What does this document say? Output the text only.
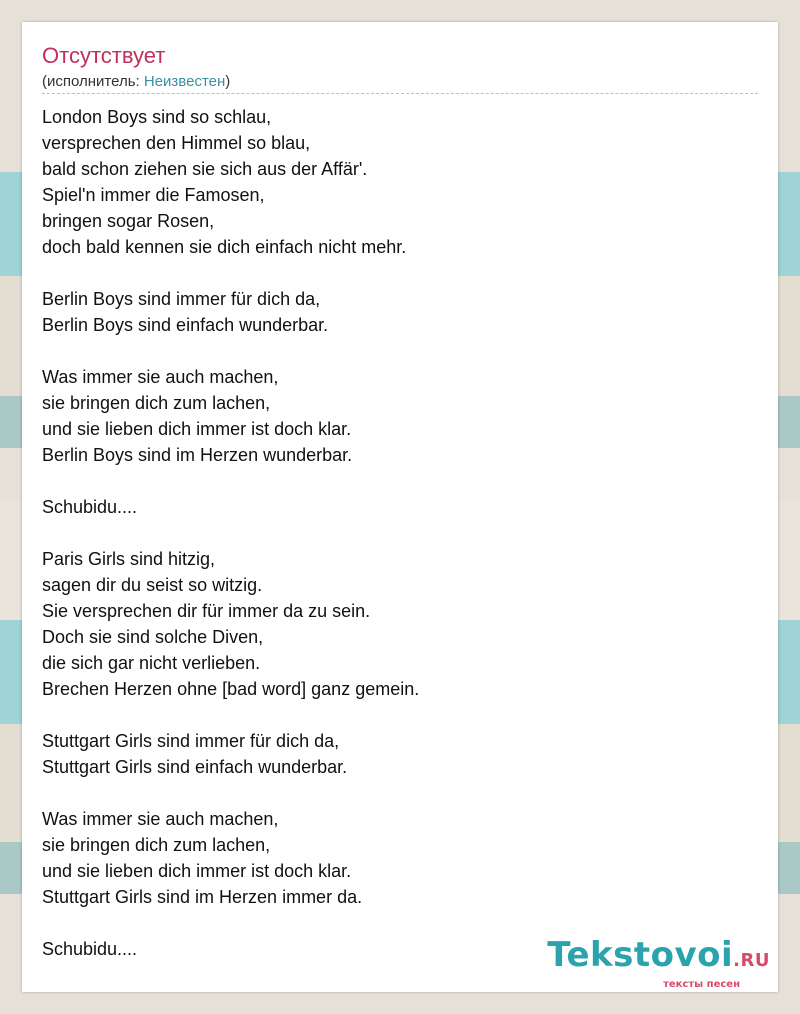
Отсутствует
(исполнитель: Неизвестен)
London Boys sind so schlau,
versprechen den Himmel so blau,
bald schon ziehen sie sich aus der Affär'.
Spiel'n immer die Famosen,
bringen sogar Rosen,
doch bald kennen sie dich einfach nicht mehr.
Berlin Boys sind immer für dich da,
Berlin Boys sind einfach wunderbar.
Was immer sie auch machen,
sie bringen dich zum lachen,
und sie lieben dich immer ist doch klar.
Berlin Boys sind im Herzen wunderbar.
Schubidu....
Paris Girls sind hitzig,
sagen dir du seist so witzig.
Sie versprechen dir für immer da zu sein.
Doch sie sind solche Diven,
die sich gar nicht verlieben.
Brechen Herzen ohne [bad word] ganz gemein.
Stuttgart Girls sind immer für dich da,
Stuttgart Girls sind einfach wunderbar.
Was immer sie auch machen,
sie bringen dich zum lachen,
und sie lieben dich immer ist doch klar.
Stuttgart Girls sind im Herzen immer da.
Schubidu....	Tekstovoi.RU
тексты песен
